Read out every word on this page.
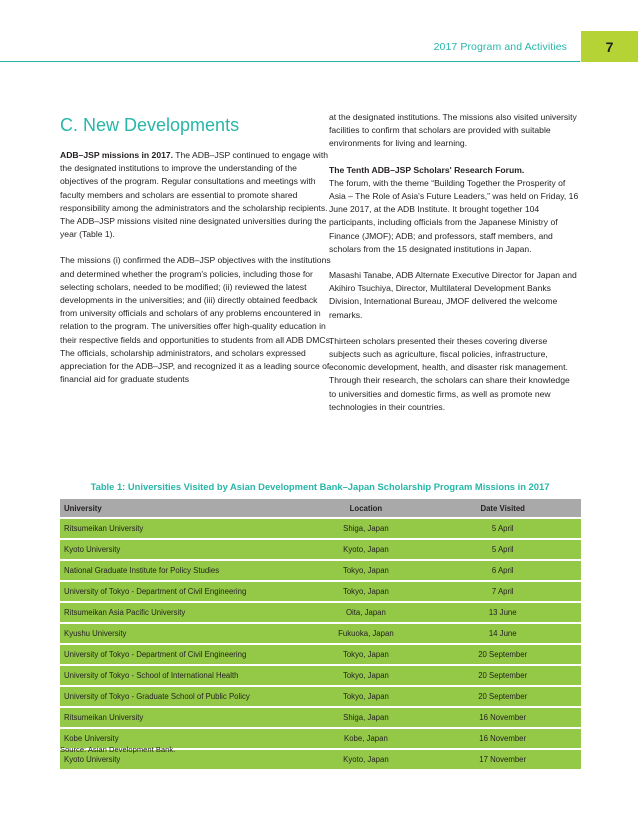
2017 Program and Activities	7
C. New Developments

ADB–JSP missions in 2017. The ADB–JSP continued to engage with the designated institutions to improve the understanding of the objectives of the program. Regular consultations and meetings with faculty members and scholars are essential to promote shared responsibility among the administrators and the scholarship recipients. The ADB–JSP missions visited nine designated universities during the year (Table 1).

The missions (i) confirmed the ADB–JSP objectives with the institutions and determined whether the program's policies, including those for selecting scholars, needed to be modified; (ii) reviewed the latest developments in the universities; and (iii) directly obtained feedback from university officials and scholars of any problems encountered in relation to the program. The universities offer high-quality education in their respective fields and opportunities to students from all ADB DMCs. The officials, scholarship administrators, and scholars expressed appreciation for the ADB–JSP, and recognized it as a leading source of financial aid for graduate students

at the designated institutions. The missions also visited university facilities to confirm that scholars are provided with suitable environments for living and learning.

The Tenth ADB–JSP Scholars' Research Forum.
The forum, with the theme “Building Together the Prosperity of Asia – The Role of Asia's Future Leaders,” was held on Friday, 16 June 2017, at the ADB Institute. It brought together 104 participants, including officials from the Japanese Ministry of Finance (JMOF); ADB; and professors, staff members, and scholars from the 15 designated institutions in Japan.

Masashi Tanabe, ADB Alternate Executive Director for Japan and Akihiro Tsuchiya, Director, Multilateral Development Banks Division, International Bureau, JMOF delivered the welcome remarks.

Thirteen scholars presented their theses covering diverse subjects such as agriculture, fiscal policies, infrastructure, economic development, health, and disaster risk management. Through their research, the scholars can share their knowledge to universities and domestic firms, as well as promote new technologies in their countries.

Table 1: Universities Visited by Asian Development Bank–Japan Scholarship Program Missions in 2017
University	Location	Date Visited
Ritsumeikan University	Shiga, Japan	5 April
Kyoto University	Kyoto, Japan	5 April
National Graduate Institute for Policy Studies	Tokyo, Japan	6 April
University of Tokyo - Department of Civil Engineering	Tokyo, Japan	7 April
Ritsumeikan Asia Pacific University	Oita, Japan	13 June
Kyushu University	Fukuoka, Japan	14 June
University of Tokyo - Department of Civil Engineering	Tokyo, Japan	20 September
University of Tokyo - School of International Health	Tokyo, Japan	20 September
University of Tokyo - Graduate School of Public Policy	Tokyo, Japan	20 September
Ritsumeikan University	Shiga, Japan	16 November
Kobe University	Kobe, Japan	16 November
Kyoto University	Kyoto, Japan	17 November
Source: Asian Development Bank.
